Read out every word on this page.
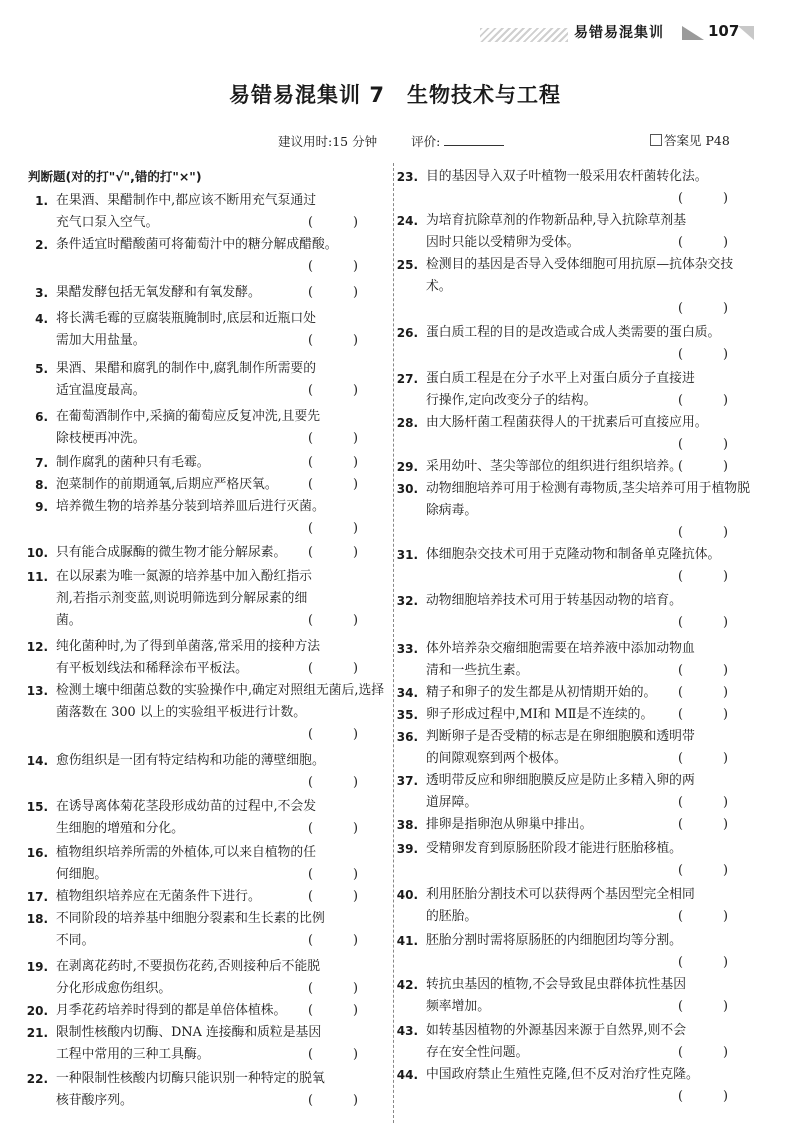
易错易混集训	107
易错易混集训 7　生物技术与工程
建议用时:15 分钟	评价:	答案见 P48
判断题(对的打"√",错的打"×")
1 . 在果酒、果醋制作中,都应该不断用充气泵通过充气口泵入空气。	( )
2 . 条件适宜时醋酸菌可将葡萄汁中的糖分解成醋酸。
( )
3 . 果醋发酵包括无氧发酵和有氧发酵。	( )
4 . 将长满毛霉的豆腐装瓶腌制时,底层和近瓶口处需加大用盐量。	( )
5 . 果酒、果醋和腐乳的制作中,腐乳制作所需要的适宜温度最高。	( )
6 . 在葡萄酒制作中,采摘的葡萄应反复冲洗,且要先除枝梗再冲洗。	( )
7 . 制作腐乳的菌种只有毛霉。	( )
8 . 泡菜制作的前期通氧,后期应严格厌氧。	( )
9 . 培养微生物的培养基分装到培养皿后进行灭菌。
( )
10 . 只有能合成脲酶的微生物才能分解尿素。	( )
11 . 在以尿素为唯一氮源的培养基中加入酚红指示剂,若指示剂变蓝,则说明筛选到分解尿素的细菌。	( )
12 . 纯化菌种时,为了得到单菌落,常采用的接种方法有平板划线法和稀释涂布平板法。	( )
13 . 检测土壤中细菌总数的实验操作中,确定对照组无菌后,选择菌落数在 300 以上的实验组平板进行计数。
( )
14 . 愈伤组织是一团有特定结构和功能的薄壁细胞。
( )
15 . 在诱导离体菊花茎段形成幼苗的过程中,不会发生细胞的增殖和分化。	( )
16 . 植物组织培养所需的外植体,可以来自植物的任何细胞。	( )
17 . 植物组织培养应在无菌条件下进行。	( )
18 . 不同阶段的培养基中细胞分裂素和生长素的比例不同。	( )
19 . 在剥离花药时,不要损伤花药,否则接种后不能脱分化形成愈伤组织。	( )
20 . 月季花药培养时得到的都是单倍体植株。	( )
21 . 限制性核酸内切酶、DNA 连接酶和质粒是基因工程中常用的三种工具酶。	( )
22 . 一种限制性核酸内切酶只能识别一种特定的脱氧核苷酸序列。	( )
23 . 目的基因导入双子叶植物一般采用农杆菌转化法。
( )
24 . 为培育抗除草剂的作物新品种,导入抗除草剂基因时只能以受精卵为受体。	( )
25 . 检测目的基因是否导入受体细胞可用抗原—抗体杂交技术。
( )
26 . 蛋白质工程的目的是改造或合成人类需要的蛋白质。
( )
27 . 蛋白质工程是在分子水平上对蛋白质分子直接进行操作,定向改变分子的结构。	( )
28 . 由大肠杆菌工程菌获得人的干扰素后可直接应用。
( )
29 . 采用幼叶、茎尖等部位的组织进行组织培养。
( )
30 . 动物细胞培养可用于检测有毒物质,茎尖培养可用于植物脱除病毒。
( )
31 . 体细胞杂交技术可用于克隆动物和制备单克隆抗体。
( )
32 . 动物细胞培养技术可用于转基因动物的培育。
( )
33 . 体外培养杂交瘤细胞需要在培养液中添加动物血清和一些抗生素。	( )
34 . 精子和卵子的发生都是从初情期开始的。	( )
35 . 卵子形成过程中,MⅠ和 MⅡ是不连续的。	( )
36 . 判断卵子是否受精的标志是在卵细胞膜和透明带的间隙观察到两个极体。	( )
37 . 透明带反应和卵细胞膜反应是防止多精入卵的两道屏障。	( )
38 . 排卵是指卵泡从卵巢中排出。	( )
39 . 受精卵发育到原肠胚阶段才能进行胚胎移植。
( )
40 . 利用胚胎分割技术可以获得两个基因型完全相同的胚胎。	( )
41 . 胚胎分割时需将原肠胚的内细胞团均等分割。
( )
42 . 转抗虫基因的植物,不会导致昆虫群体抗性基因频率增加。	( )
43 . 如转基因植物的外源基因来源于自然界,则不会存在安全性问题。	( )
44 . 中国政府禁止生殖性克隆,但不反对治疗性克隆。
( )
